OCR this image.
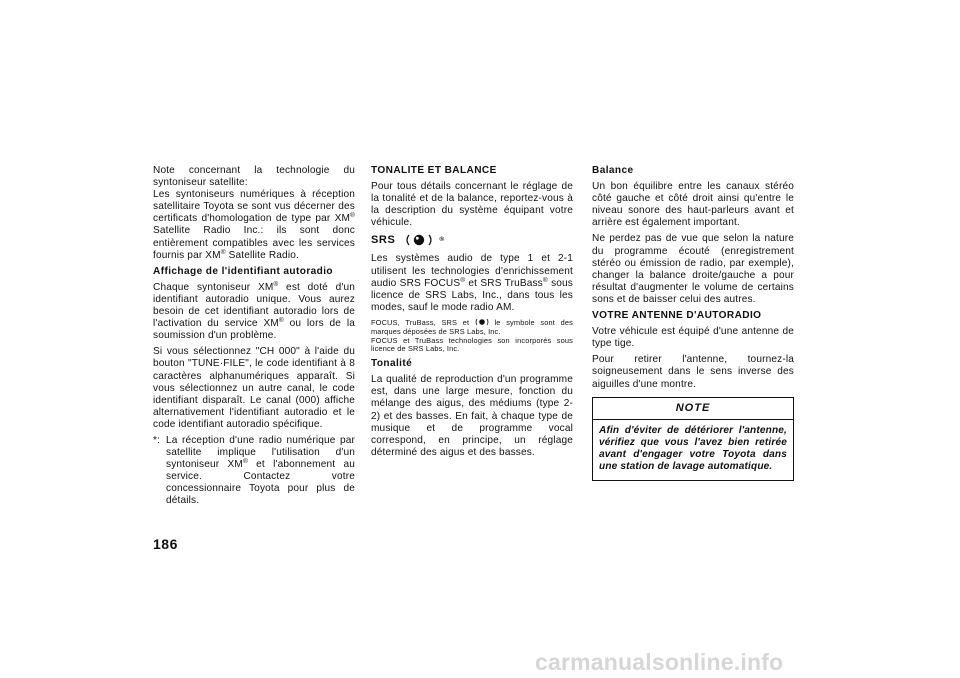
Note concernant la technologie du syntoniseur satellite:
Les syntoniseurs numériques à réception satellitaire Toyota se sont vus décerner des certificats d'homologation de type par XM® Satellite Radio Inc.: ils sont donc entièrement compatibles avec les services fournis par XM® Satellite Radio.

Affichage de l'identifiant autoradio

Chaque syntoniseur XM® est doté d'un identifiant autoradio unique. Vous aurez besoin de cet identifiant autoradio lors de l'activation du service XM® ou lors de la soumission d'un problème.

Si vous sélectionnez "CH 000" à l'aide du bouton "TUNE·FILE", le code identifiant à 8 caractères alphanumériques apparaît. Si vous sélectionnez un autre canal, le code identifiant disparaît. Le canal (000) affiche alternativement l'identifiant autoradio et le code identifiant autoradio spécifique.

*: La réception d'une radio numérique par satellite implique l'utilisation d'un syntoniseur XM® et l'abonnement au service. Contactez votre concessionnaire Toyota pour plus de détails.

TONALITE ET BALANCE

Pour tous détails concernant le réglage de la tonalité et de la balance, reportez-vous à la description du système équipant votre véhicule.

SRS	®

Les systèmes audio de type 1 et 2-1 utilisent les technologies d'enrichissement audio SRS FOCUS® et SRS TruBass® sous licence de SRS Labs, Inc., dans tous les modes, sauf le mode radio AM.

FOCUS, TruBass, SRS et  le symbole sont des marques déposées de SRS Labs, Inc.
FOCUS et TruBass technologies son incorporés sous licence de SRS Labs, Inc.

Tonalité

La qualité de reproduction d'un programme est, dans une large mesure, fonction du mélange des aigus, des médiums (type 2-2) et des basses. En fait, à chaque type de musique et de programme vocal correspond, en principe, un réglage déterminé des aigus et des basses.

Balance

Un bon équilibre entre les canaux stéréo côté gauche et côté droit ainsi qu'entre le niveau sonore des haut-parleurs avant et arrière est également important.

Ne perdez pas de vue que selon la nature du programme écouté (enregistrement stéréo ou émission de radio, par exemple), changer la balance droite/gauche a pour résultat d'augmenter le volume de certains sons et de baisser celui des autres.

VOTRE ANTENNE D'AUTORADIO

Votre véhicule est équipé d'une antenne de type tige.

Pour retirer l'antenne, tournez-la soigneusement dans le sens inverse des aiguilles d'une montre.

NOTE
Afin d'éviter de détériorer l'antenne, vérifiez que vous l'avez bien retirée avant d'engager votre Toyota dans une station de lavage automatique.
186
carmanualsonline.info
